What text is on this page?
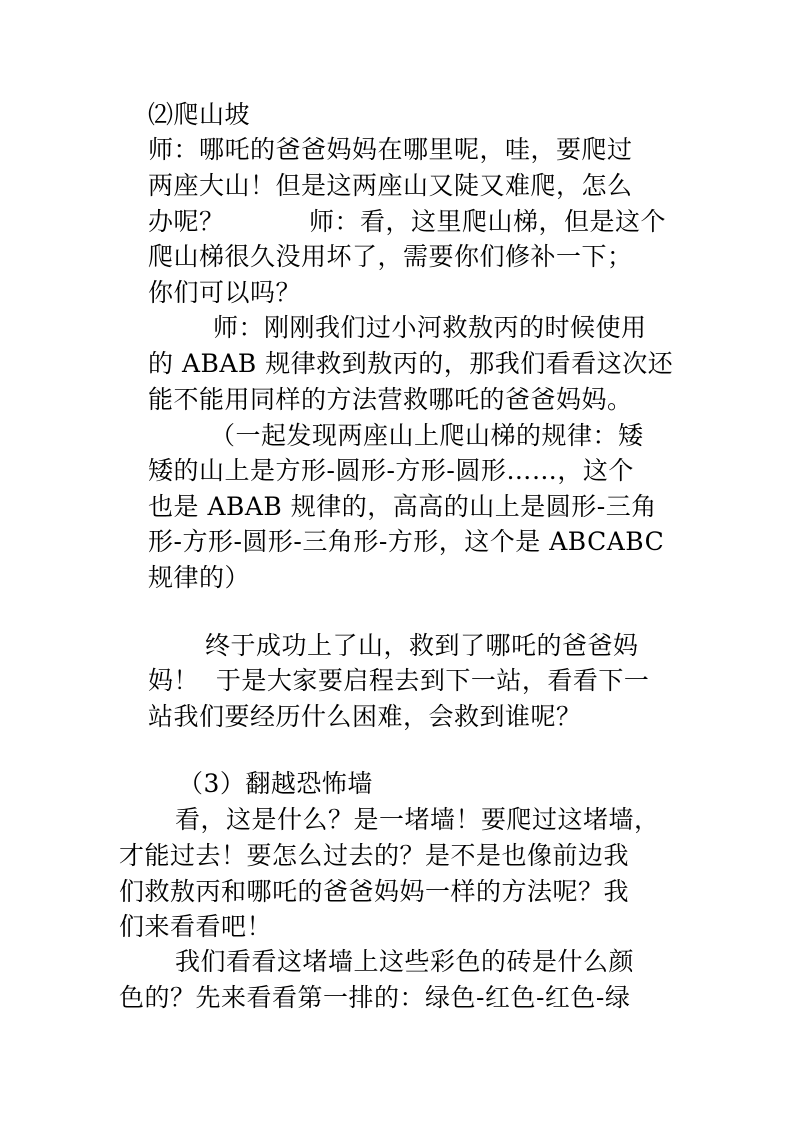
⑵爬山坡
师：哪吒的爸爸妈妈在哪里呢，哇，要爬过
两座大山！但是这两座山又陡又难爬，怎么
办呢？          师：看，这里爬山梯，但是这个
爬山梯很久没用坏了，需要你们修补一下；
你们可以吗？
师：刚刚我们过小河救敖丙的时候使用
的 ABAB 规律救到敖丙的，那我们看看这次还
能不能用同样的方法营救哪吒的爸爸妈妈。
（一起发现两座山上爬山梯的规律：矮
矮的山上是方形-圆形-方形-圆形……，这个
也是 ABAB 规律的，高高的山上是圆形-三角
形-方形-圆形-三角形-方形，这个是 ABCABC
规律的）
终于成功上了山，救到了哪吒的爸爸妈
妈！  于是大家要启程去到下一站，看看下一
站我们要经历什么困难，会救到谁呢？
（3）翻越恐怖墙
看，这是什么？是一堵墙！要爬过这堵墙，
才能过去！要怎么过去的？是不是也像前边我
们救敖丙和哪吒的爸爸妈妈一样的方法呢？我
们来看看吧！
我们看看这堵墙上这些彩色的砖是什么颜
色的？先来看看第一排的：绿色-红色-红色-绿
